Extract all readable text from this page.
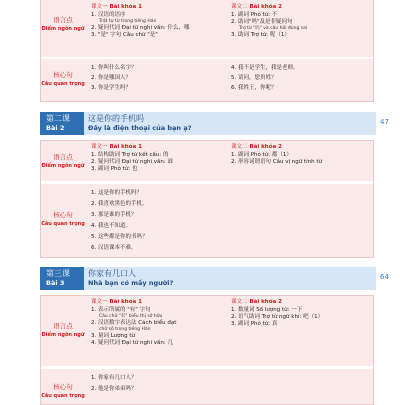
语言点
Điểm ngôn ngữ
课文一 Bài khóa 1
1. 汉语的语序
Trật tự từ trong tiếng Hán
2. 疑问代词 Đại từ nghi vấn: 什么、哪
3. "是" 字句 Câu chữ "是"
课文二 Bài khóa 2
1. 副词 Phó từ: 不
2. 助词"吗"及是非疑问句
Trợ từ "吗" và câu hỏi đúng sai
3. 助词 Trợ từ: 呢（1）
核心句
Câu quan trọng
1. 你叫什么名字？
2. 你是哪国人？
3. 你是学生吗？
4. 我不是学生，我是老师。
5. 请问，您贵姓？
6. 我姓王，你呢？
第二课
Bài 2
这是你的手机吗
Đây là điện thoại của bạn ạ?
47
语言点
Điểm ngôn ngữ
课文一 Bài khóa 1
1. 结构助词 Trợ từ kết cấu: 的
2. 疑问代词 Đại từ nghi vấn: 谁
3. 副词 Phó từ: 也
课文二 Bài khóa 2
1. 副词 Phó từ: 都（1）
2. 形容词谓语句 Câu vị ngữ tính từ
核心句
Câu quan trọng
1. 这是你的手机吗？
2. 我喜欢黑色的手机。
3. 那是谁的手机？
4. 我也不知道。
5. 这些都是你的书吗？
6. 汉语课本不难。
第三课
Bài 3
你家有几口人
Nhà bạn có mấy người?
64
语言点
Điểm ngôn ngữ
课文一 Bài khóa 1
1. 表示所属的 "有" 字句
Câu chữ "有" biểu thị sở hữu
2. 汉语数字表达法 Cách biểu đạt
chữ số trong tiếng Hán
3. 量词 Lượng từ
4. 疑问代词 Đại từ nghi vấn: 几
课文二 Bài khóa 2
1. 数量词 Số lượng từ: 一下
2. 语气助词 Trợ từ ngữ khí: 吧（1）
3. 副词 Phó từ: 真
核心句
Câu quan trọng
1. 你家有几口人？
2. 他是你弟弟吗？
